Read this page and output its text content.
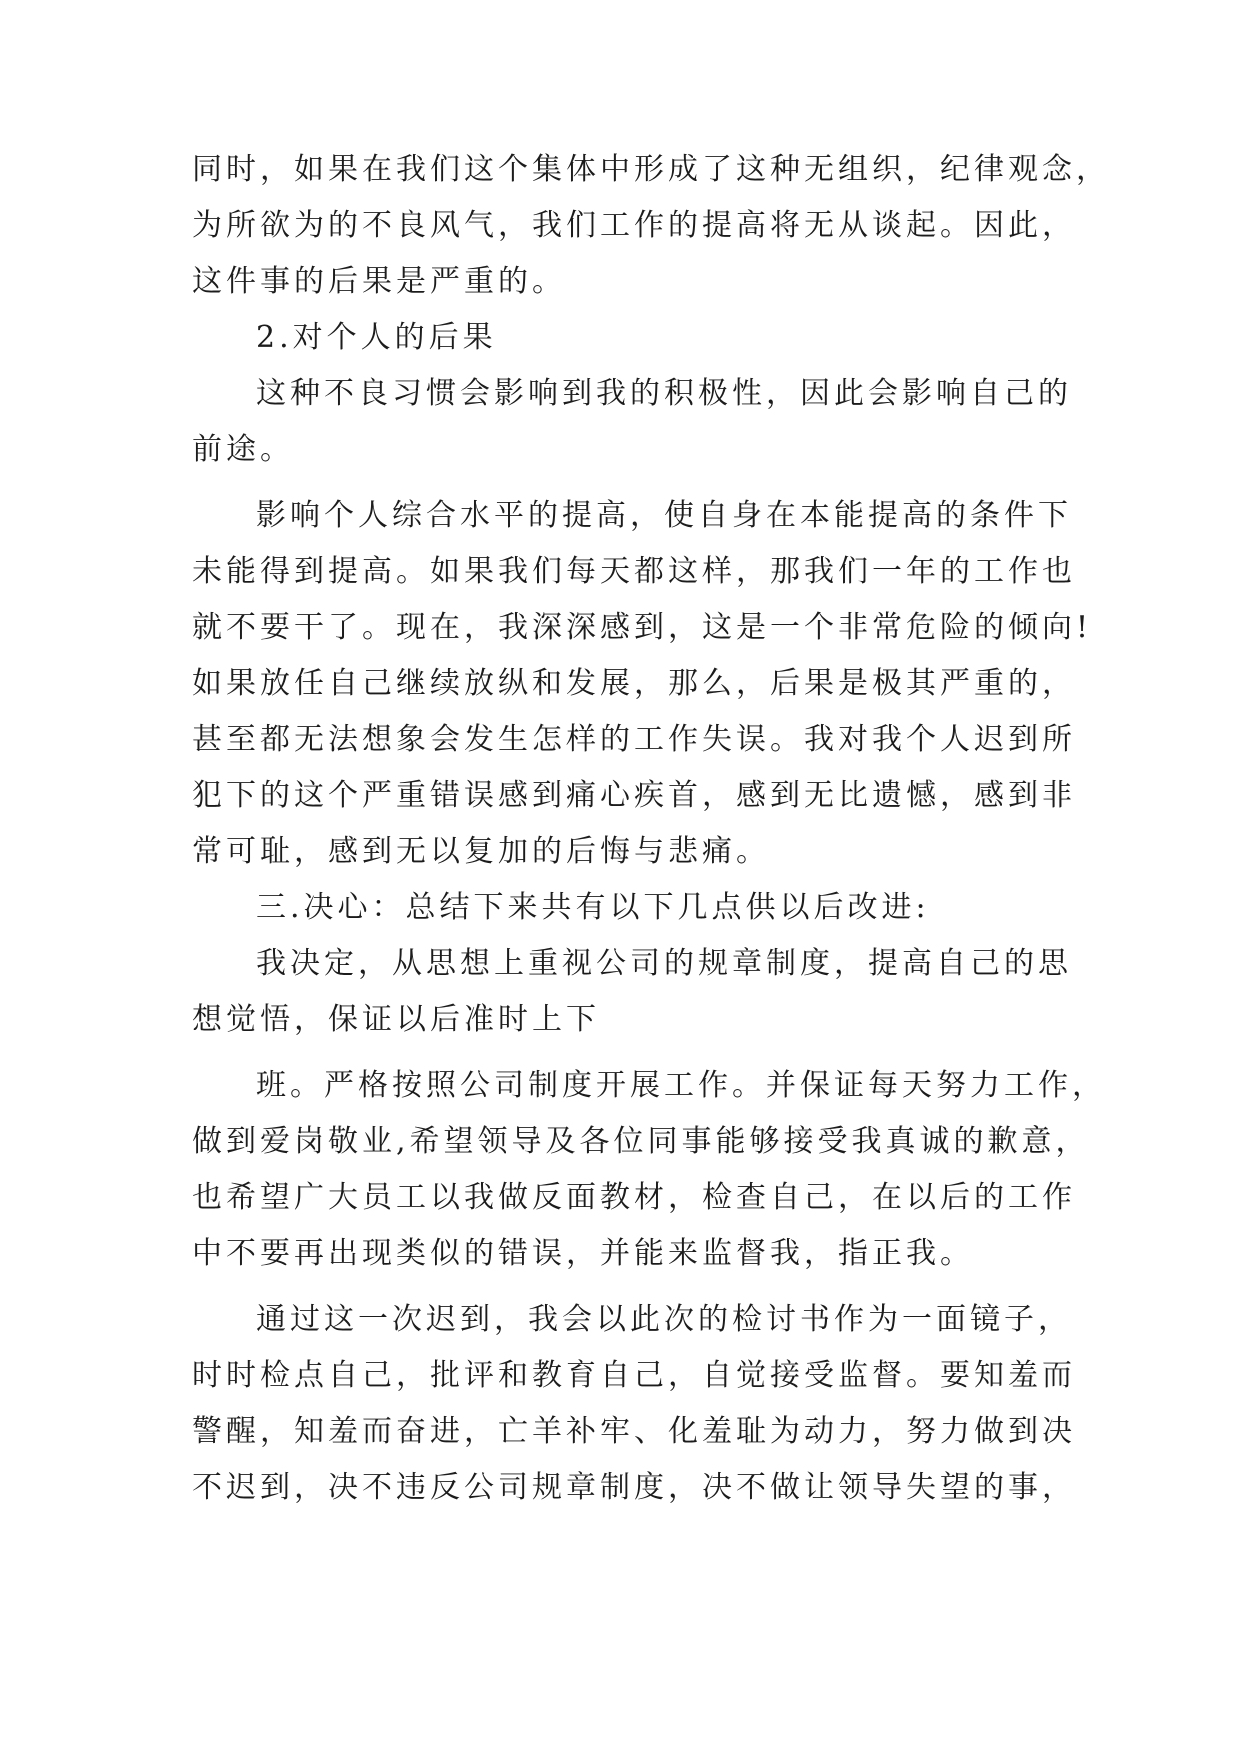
同时，如果在我们这个集体中形成了这种无组织，纪律观念，
为所欲为的不良风气，我们工作的提高将无从谈起。因此，
这件事的后果是严重的。
2.对个人的后果
这种不良习惯会影响到我的积极性，因此会影响自己的
前途。
影响个人综合水平的提高，使自身在本能提高的条件下
未能得到提高。如果我们每天都这样，那我们一年的工作也
就不要干了。现在，我深深感到，这是一个非常危险的倾向!
如果放任自己继续放纵和发展，那么，后果是极其严重的，
甚至都无法想象会发生怎样的工作失误。我对我个人迟到所
犯下的这个严重错误感到痛心疾首，感到无比遗憾，感到非
常可耻，感到无以复加的后悔与悲痛。
三.决心：总结下来共有以下几点供以后改进:
我决定，从思想上重视公司的规章制度，提高自己的思
想觉悟，保证以后准时上下
班。严格按照公司制度开展工作。并保证每天努力工作，
做到爱岗敬业,希望领导及各位同事能够接受我真诚的歉意，
也希望广大员工以我做反面教材，检查自己，在以后的工作
中不要再出现类似的错误，并能来监督我，指正我。
通过这一次迟到，我会以此次的检讨书作为一面镜子，
时时检点自己，批评和教育自己，自觉接受监督。要知羞而
警醒，知羞而奋进，亡羊补牢、化羞耻为动力，努力做到决
不迟到，决不违反公司规章制度，决不做让领导失望的事，
